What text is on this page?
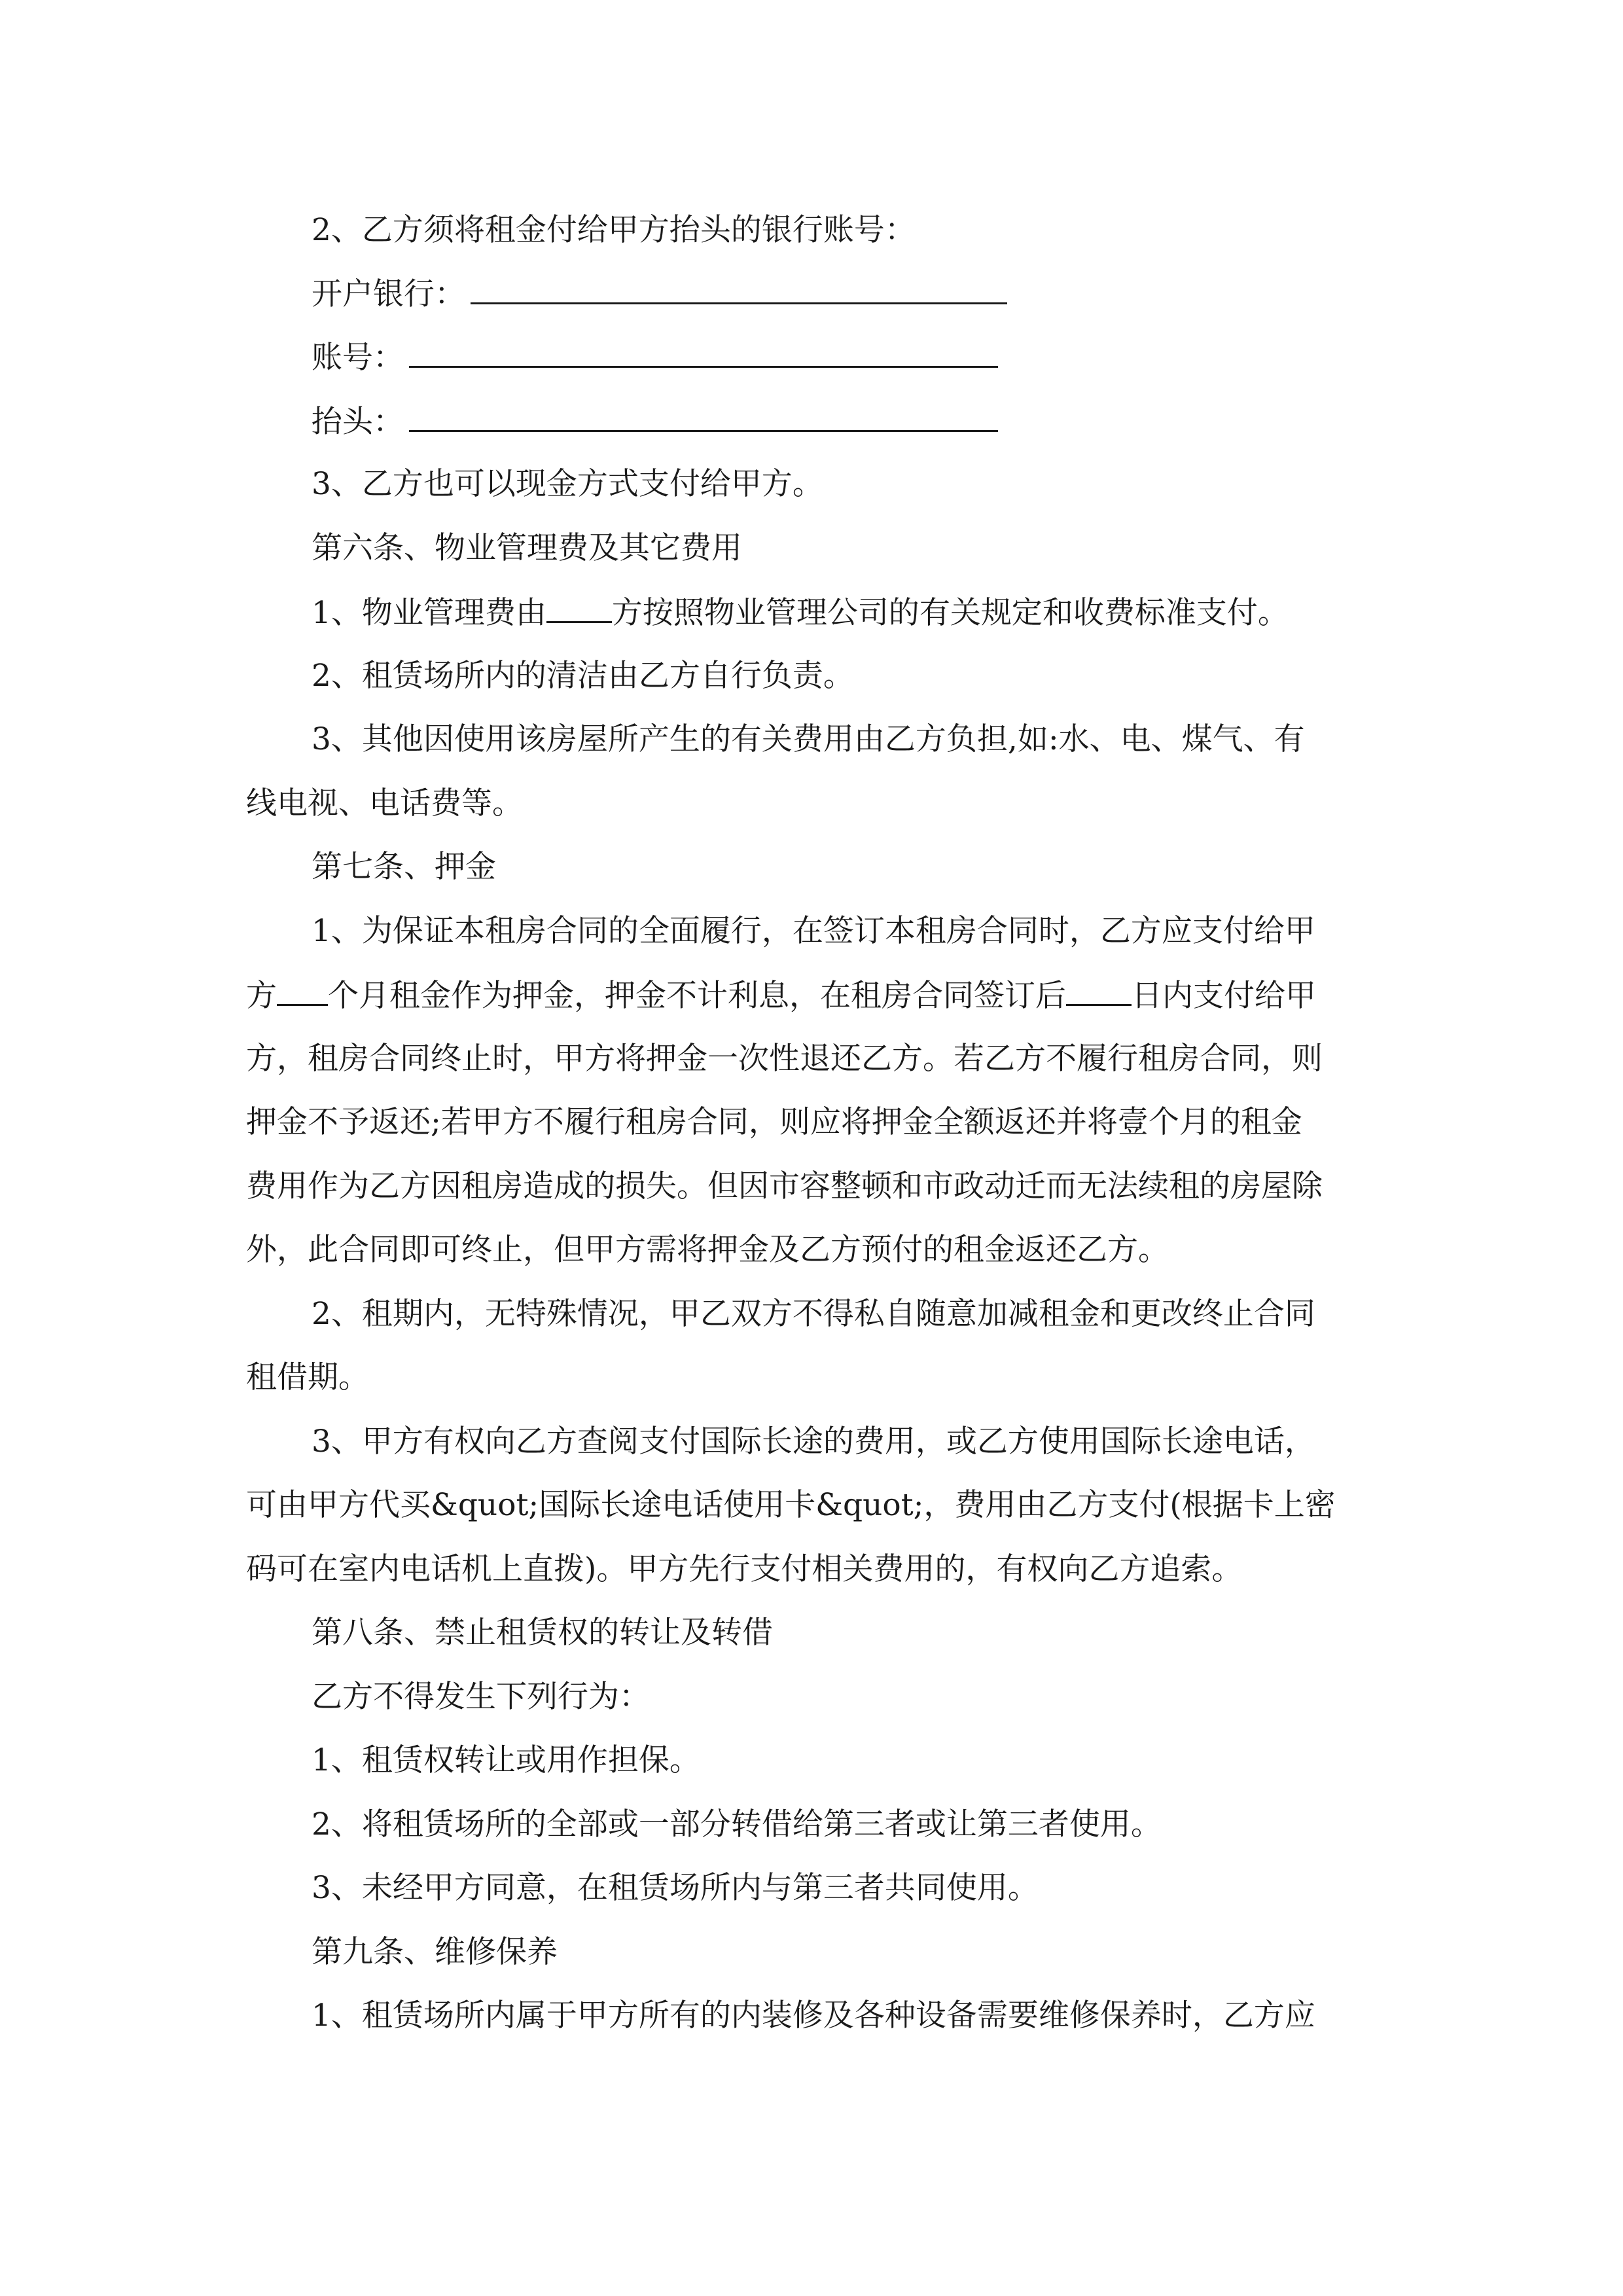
2、乙方须将租金付给甲方抬头的银行账号：
开户银行：
账号：
抬头：
3、乙方也可以现金方式支付给甲方。
第六条、物业管理费及其它费用
1、物业管理费由 方按照物业管理公司的有关规定和收费标准支付。
2、租赁场所内的清洁由乙方自行负责。
3、其他因使用该房屋所产生的有关费用由乙方负担,如:水、电、煤气、有
线电视、电话费等。
第七条、押金
1、为保证本租房合同的全面履行，在签订本租房合同时，乙方应支付给甲
方 个月租金作为押金，押金不计利息，在租房合同签订后 日内支付给甲
方，租房合同终止时，甲方将押金一次性退还乙方。若乙方不履行租房合同，则
押金不予返还;若甲方不履行租房合同，则应将押金全额返还并将壹个月的租金
费用作为乙方因租房造成的损失。但因市容整顿和市政动迁而无法续租的房屋除
外，此合同即可终止，但甲方需将押金及乙方预付的租金返还乙方。
2、租期内，无特殊情况，甲乙双方不得私自随意加减租金和更改终止合同
租借期。
3、甲方有权向乙方查阅支付国际长途的费用，或乙方使用国际长途电话，
可由甲方代买&quot;国际长途电话使用卡&quot;，费用由乙方支付(根据卡上密
码可在室内电话机上直拨)。甲方先行支付相关费用的，有权向乙方追索。
第八条、禁止租赁权的转让及转借
乙方不得发生下列行为：
1、租赁权转让或用作担保。
2、将租赁场所的全部或一部分转借给第三者或让第三者使用。
3、未经甲方同意，在租赁场所内与第三者共同使用。
第九条、维修保养
1、租赁场所内属于甲方所有的内装修及各种设备需要维修保养时，乙方应
